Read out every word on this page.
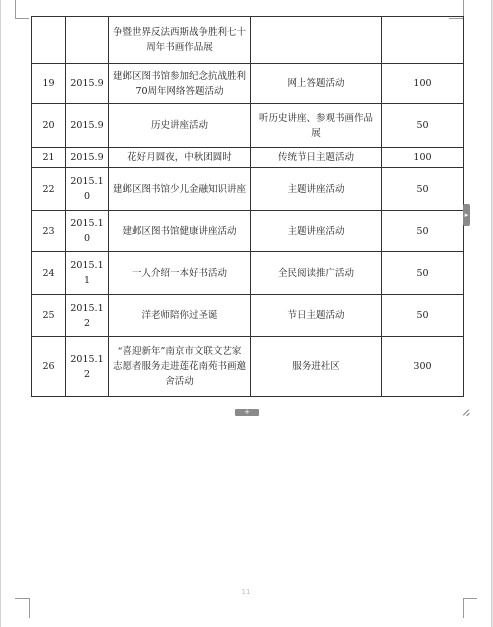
		争暨世界反法西斯战争胜利七十周年书画作品展		
19	2015.9	建邺区图书馆参加纪念抗战胜利70周年网络答题活动	网上答题活动	100
20	2015.9	历史讲座活动	听历史讲座、参观书画作品展	50
21	2015.9	花好月圆夜，中秋团圆时	传统节日主题活动	100
22	2015.10	建邺区图书馆少儿金融知识讲座	主题讲座活动	50
23	2015.10	建邺区图书馆健康讲座活动	主题讲座活动	50
24	2015.11	一人介绍一本好书活动	全民阅读推广活动	50
25	2015.12	洋老师陪你过圣诞	节日主题活动	50
26	2015.12	“喜迎新年”南京市文联文艺家志愿者服务走进莲花南苑书画邀舍活动	服务进社区	300
▸
+
11
